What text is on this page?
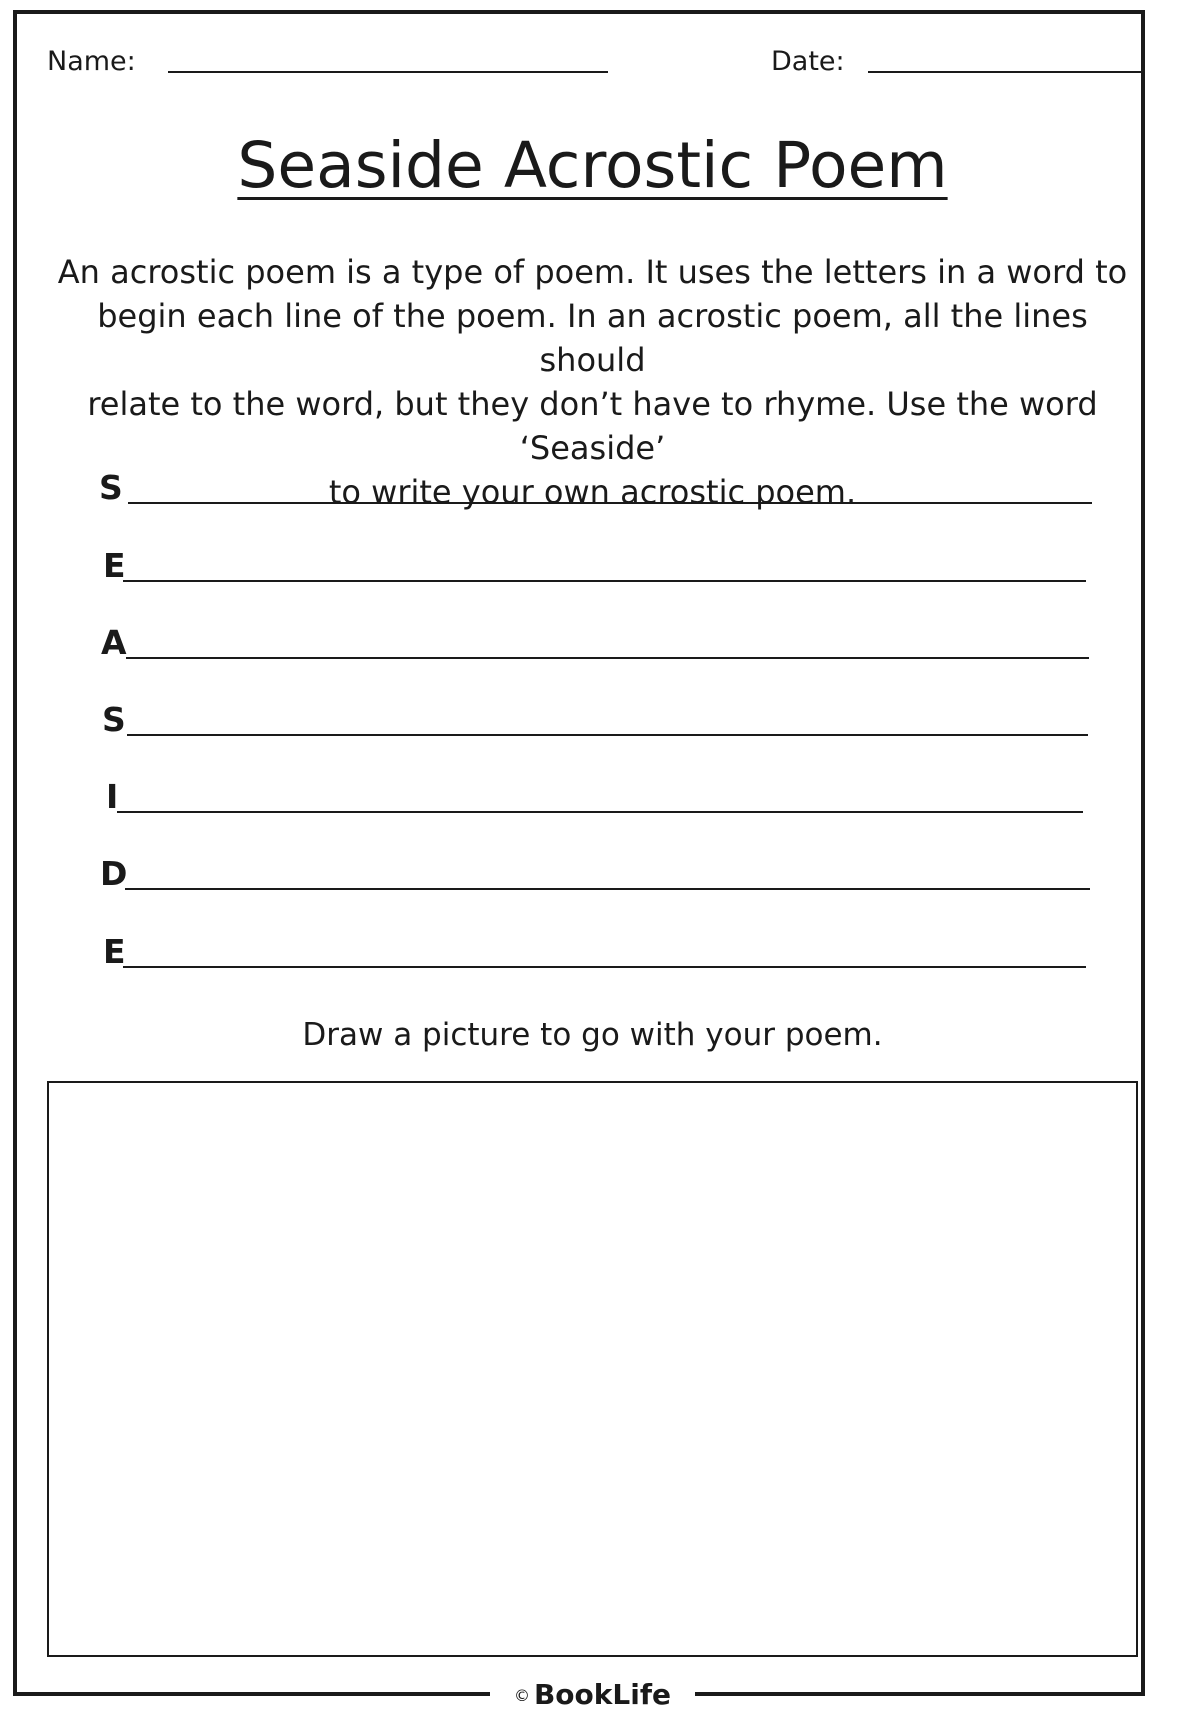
Name:	Date:
Seaside Acrostic Poem

An acrostic poem is a type of poem. It uses the letters in a word to
begin each line of the poem. In an acrostic poem, all the lines should
relate to the word, but they don’t have to rhyme. Use the word ‘Seaside’
to write your own acrostic poem.

S
E
A
S
I
D
E

Draw a picture to go with your poem.

© BookLife
